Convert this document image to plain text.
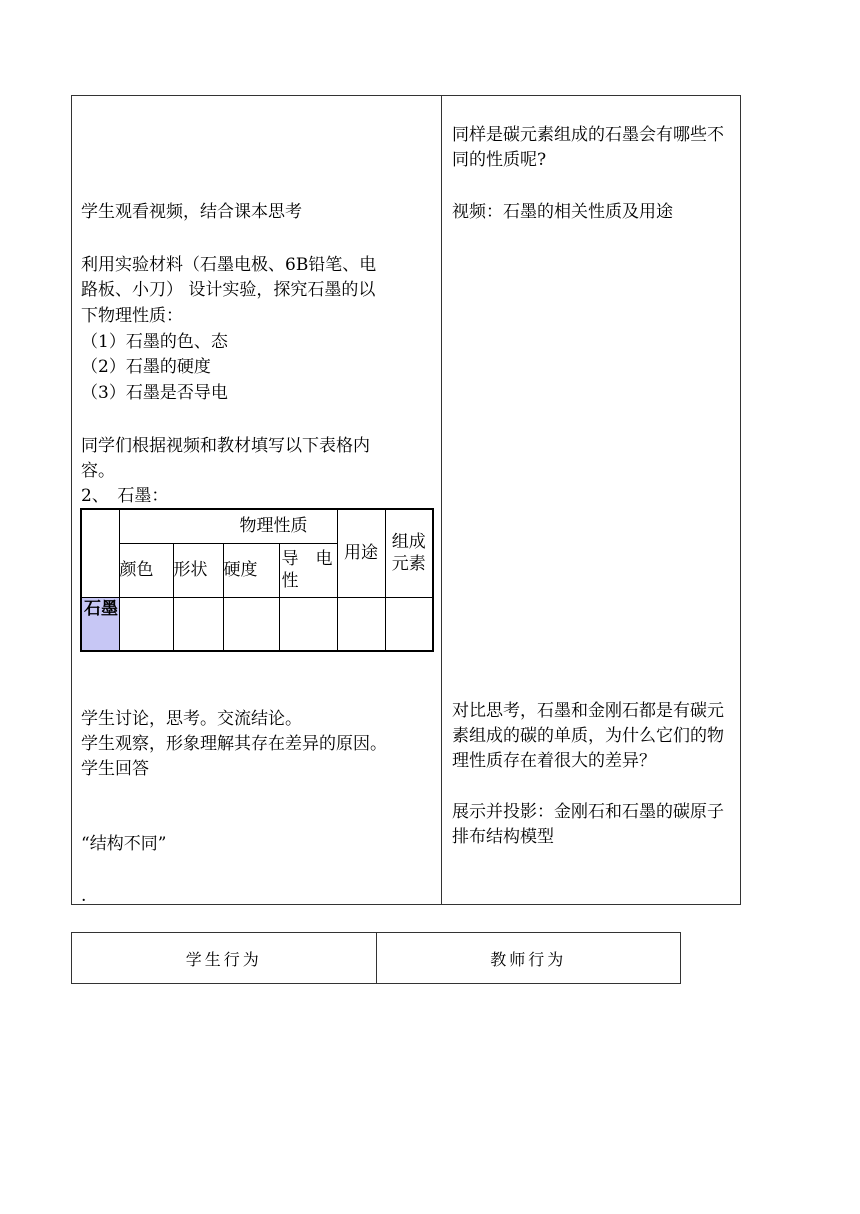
学生观看视频，结合课本思考
利用实验材料（石墨电极、6B铅笔、电
路板、小刀） 设计实验，探究石墨的以
下物理性质：
（1）石墨的色、态
（2）石墨的硬度
（3）石墨是否导电
同学们根据视频和教材填写以下表格内
容。
2、　石墨：
	物理性质				用途	组成元素
	颜色	形状	硬度	导　电性		
石墨						
学生讨论，思考。交流结论。
学生观察，形象理解其存在差异的原因。
学生回答
“结构不同”
.
同样是碳元素组成的石墨会有哪些不同的性质呢?
视频：石墨的相关性质及用途
对比思考，石墨和金刚石都是有碳元素组成的碳的单质，为什么它们的物理性质存在着很大的差异？
展示并投影：金刚石和石墨的碳原子排布结构模型
学生行为	教师行为
